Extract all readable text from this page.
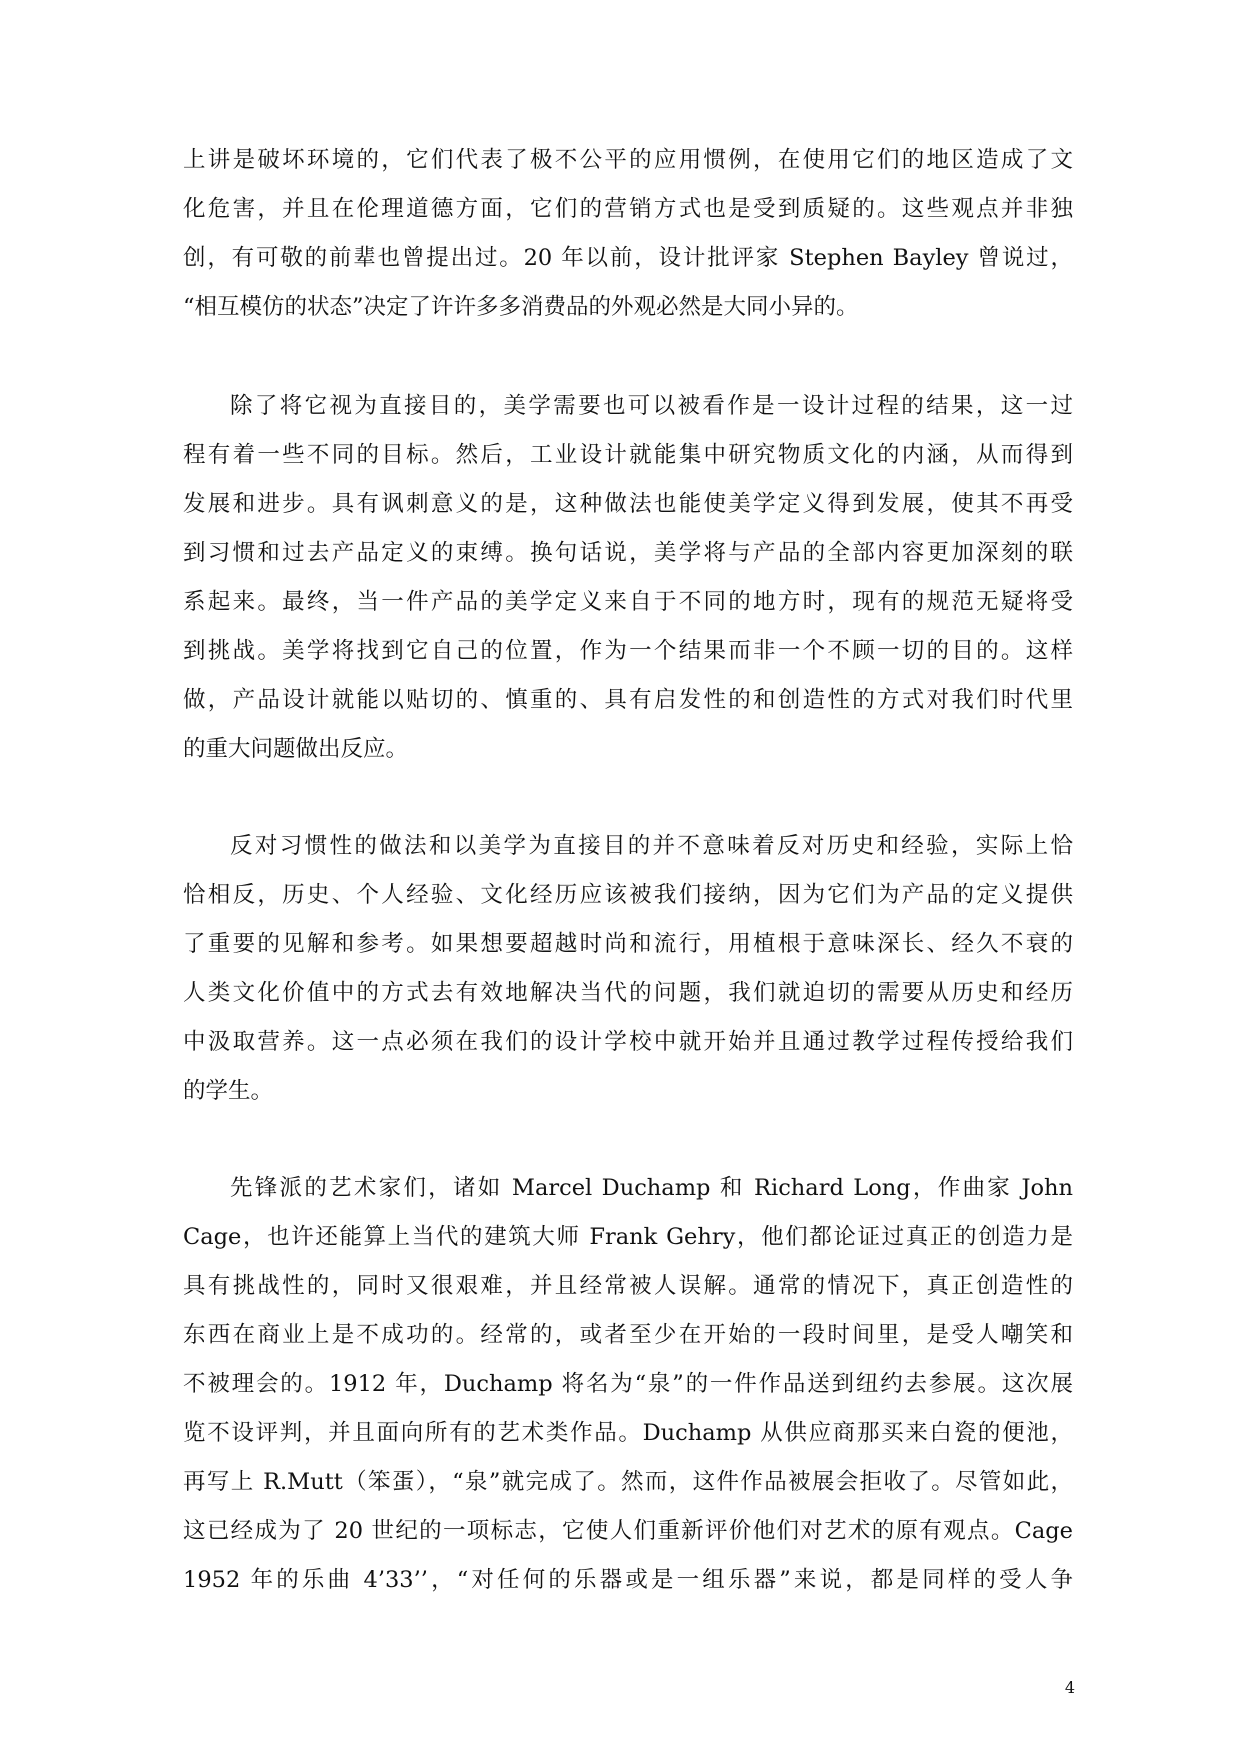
上讲是破坏环境的，它们代表了极不公平的应用惯例，在使用它们的地区造成了文
化危害，并且在伦理道德方面，它们的营销方式也是受到质疑的。这些观点并非独
创，有可敬的前辈也曾提出过。20 年以前，设计批评家 Stephen Bayley 曾说过，
“相互模仿的状态”决定了许许多多消费品的外观必然是大同小异的。
除了将它视为直接目的，美学需要也可以被看作是一设计过程的结果，这一过
程有着一些不同的目标。然后，工业设计就能集中研究物质文化的内涵，从而得到
发展和进步。具有讽刺意义的是，这种做法也能使美学定义得到发展，使其不再受
到习惯和过去产品定义的束缚。换句话说，美学将与产品的全部内容更加深刻的联
系起来。最终，当一件产品的美学定义来自于不同的地方时，现有的规范无疑将受
到挑战。美学将找到它自己的位置，作为一个结果而非一个不顾一切的目的。这样
做，产品设计就能以贴切的、慎重的、具有启发性的和创造性的方式对我们时代里
的重大问题做出反应。
反对习惯性的做法和以美学为直接目的并不意味着反对历史和经验，实际上恰
恰相反，历史、个人经验、文化经历应该被我们接纳，因为它们为产品的定义提供
了重要的见解和参考。如果想要超越时尚和流行，用植根于意味深长、经久不衰的
人类文化价值中的方式去有效地解决当代的问题，我们就迫切的需要从历史和经历
中汲取营养。这一点必须在我们的设计学校中就开始并且通过教学过程传授给我们
的学生。
先锋派的艺术家们，诸如 Marcel Duchamp 和 Richard Long，作曲家 John
Cage，也许还能算上当代的建筑大师 Frank Gehry，他们都论证过真正的创造力是
具有挑战性的，同时又很艰难，并且经常被人误解。通常的情况下，真正创造性的
东西在商业上是不成功的。经常的，或者至少在开始的一段时间里，是受人嘲笑和
不被理会的。1912 年，Duchamp 将名为“泉”的一件作品送到纽约去参展。这次展
览不设评判，并且面向所有的艺术类作品。Duchamp 从供应商那买来白瓷的便池，
再写上 R.Mutt（笨蛋），“泉”就完成了。然而，这件作品被展会拒收了。尽管如此，
这已经成为了 20 世纪的一项标志，它使人们重新评价他们对艺术的原有观点。Cage
1952 年的乐曲 4’33’’，“对任何的乐器或是一组乐器”来说，都是同样的受人争
4
